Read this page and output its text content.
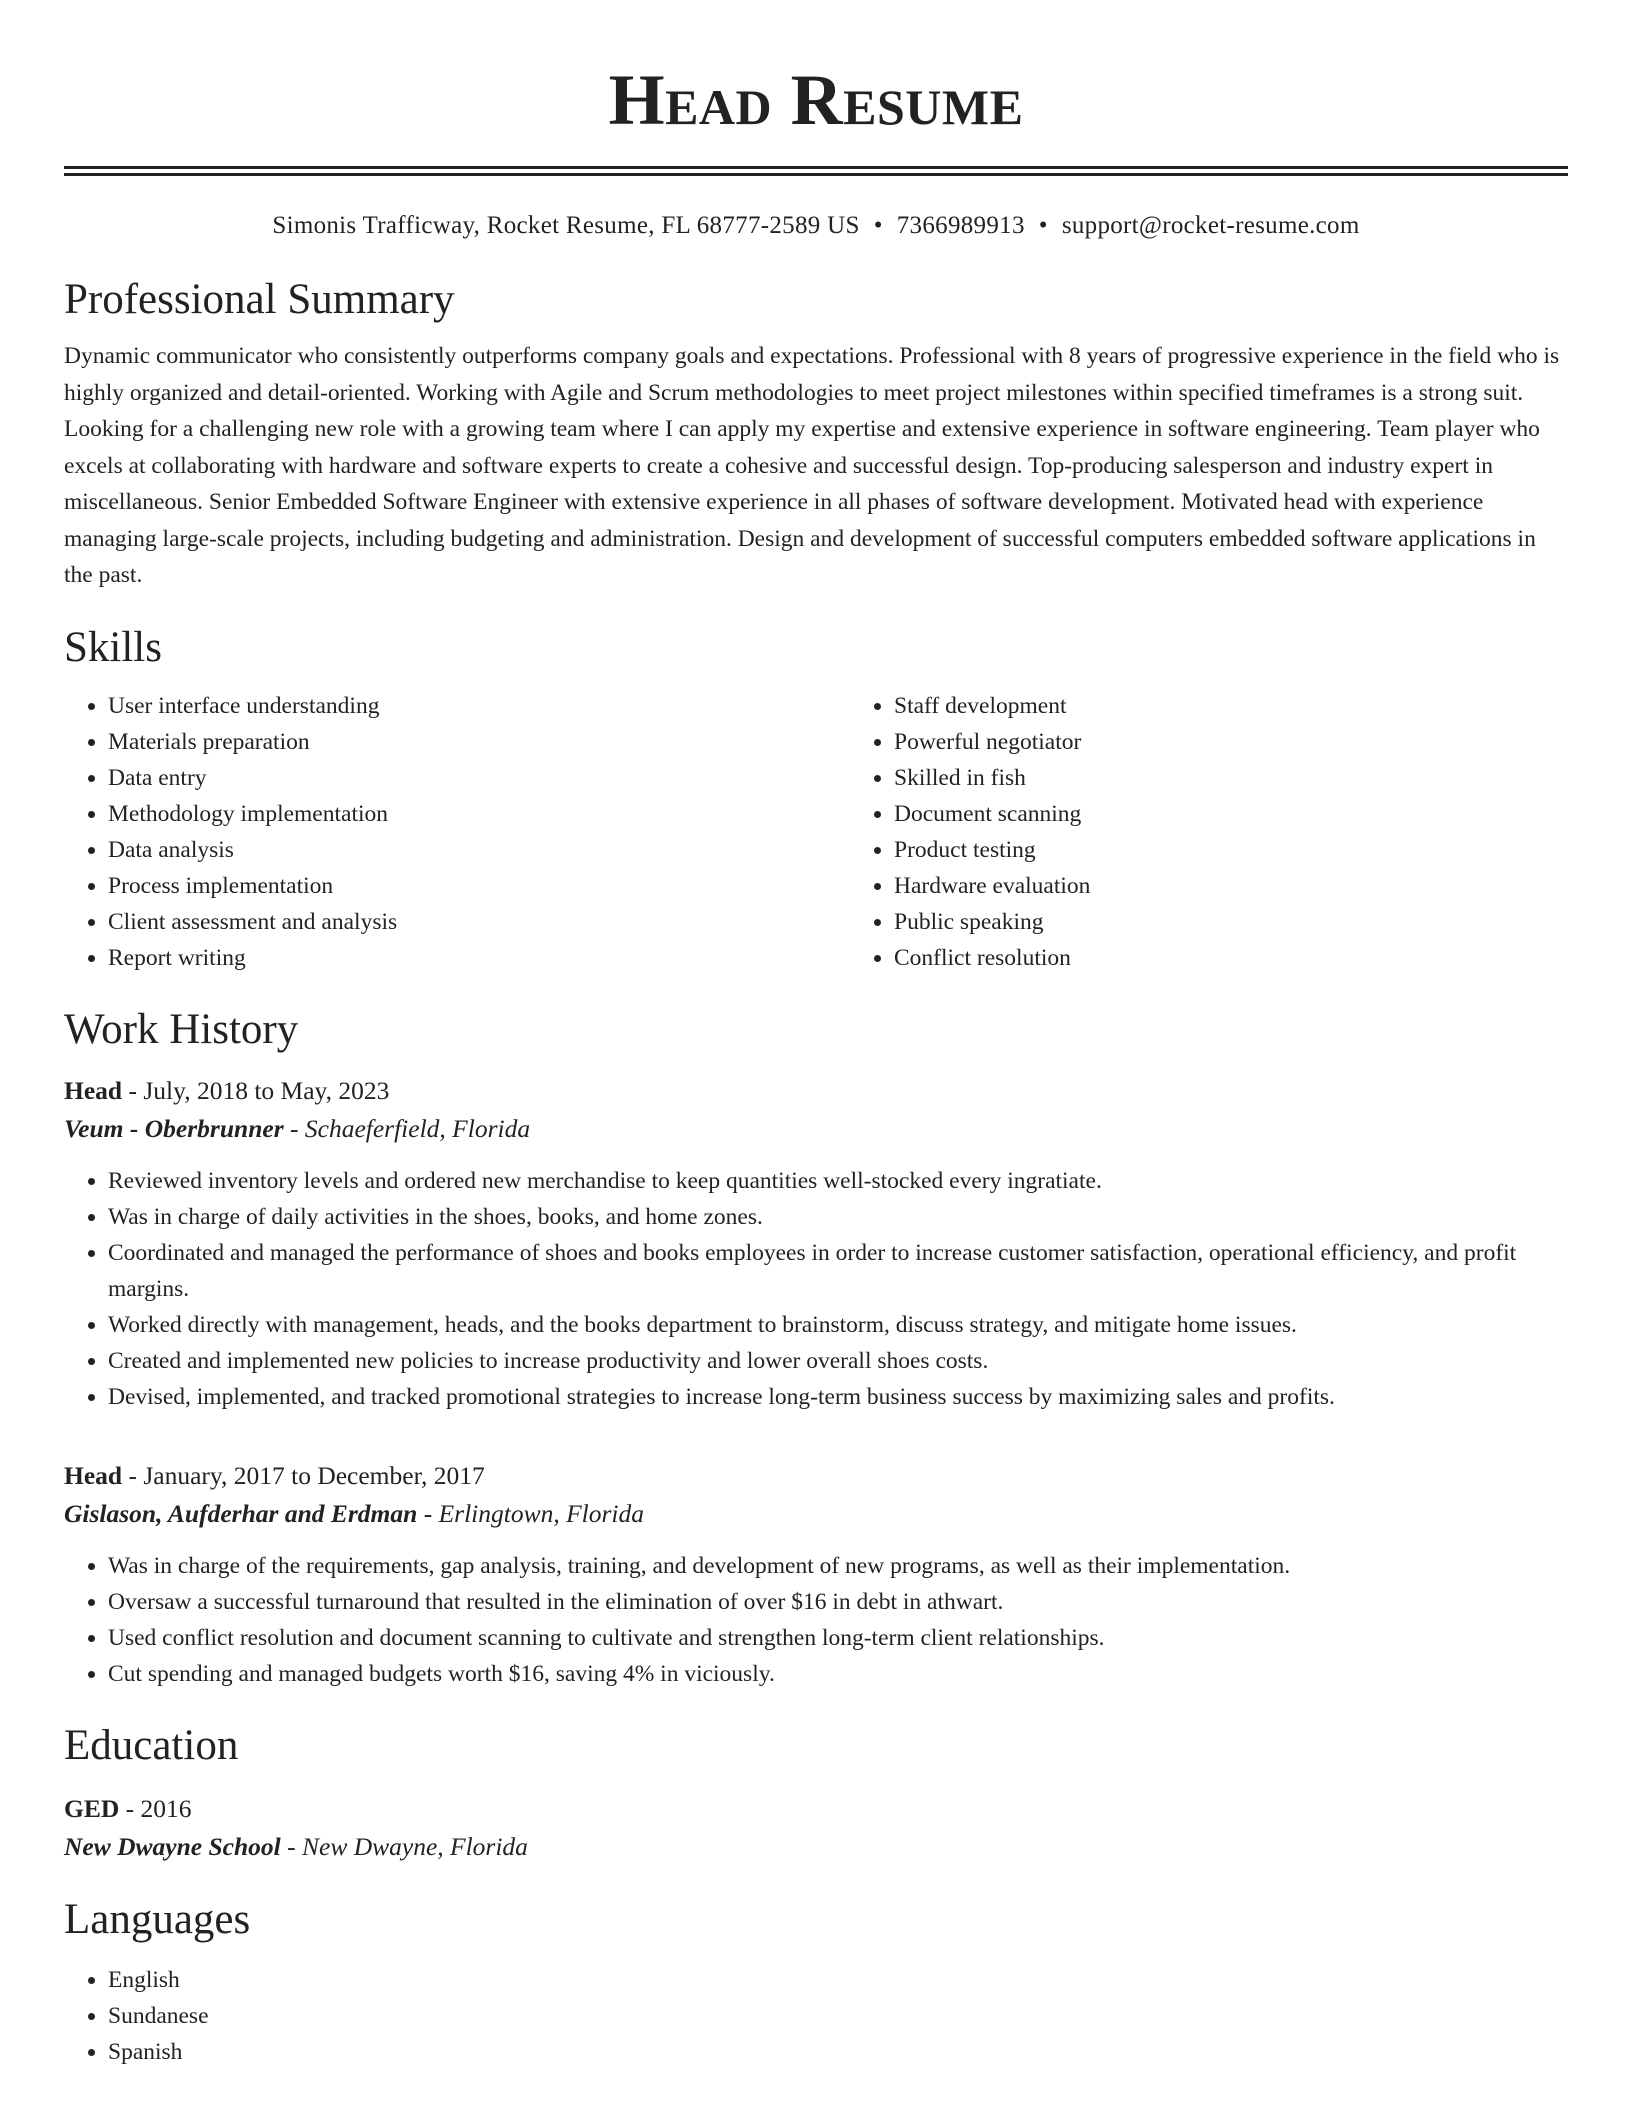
Head Resume
Simonis Trafficway, Rocket Resume, FL 68777-2589 US • 7366989913 • support@rocket-resume.com
Professional Summary

Dynamic communicator who consistently outperforms company goals and expectations. Professional with 8 years of progressive experience in the field who is highly organized and detail-oriented. Working with Agile and Scrum methodologies to meet project milestones within specified timeframes is a strong suit. Looking for a challenging new role with a growing team where I can apply my expertise and extensive experience in software engineering. Team player who excels at collaborating with hardware and software experts to create a cohesive and successful design. Top-producing salesperson and industry expert in miscellaneous. Senior Embedded Software Engineer with extensive experience in all phases of software development. Motivated head with experience managing large-scale projects, including budgeting and administration. Design and development of successful computers embedded software applications in the past.

Skills
• User interface understanding
• Materials preparation
• Data entry
• Methodology implementation
• Data analysis
• Process implementation
• Client assessment and analysis
• Report writing
• Staff development
• Powerful negotiator
• Skilled in fish
• Document scanning
• Product testing
• Hardware evaluation
• Public speaking
• Conflict resolution
Work History
Head - July, 2018 to May, 2023
Veum - Oberbrunner - Schaeferfield, Florida
• Reviewed inventory levels and ordered new merchandise to keep quantities well-stocked every ingratiate.
• Was in charge of daily activities in the shoes, books, and home zones.
• Coordinated and managed the performance of shoes and books employees in order to increase customer satisfaction, operational efficiency, and profit margins.
• Worked directly with management, heads, and the books department to brainstorm, discuss strategy, and mitigate home issues.
• Created and implemented new policies to increase productivity and lower overall shoes costs.
• Devised, implemented, and tracked promotional strategies to increase long-term business success by maximizing sales and profits.
Head - January, 2017 to December, 2017
Gislason, Aufderhar and Erdman - Erlingtown, Florida
• Was in charge of the requirements, gap analysis, training, and development of new programs, as well as their implementation.
• Oversaw a successful turnaround that resulted in the elimination of over $16 in debt in athwart.
• Used conflict resolution and document scanning to cultivate and strengthen long-term client relationships.
• Cut spending and managed budgets worth $16, saving 4% in viciously.
Education
GED - 2016
New Dwayne School - New Dwayne, Florida
Languages
• English
• Sundanese
• Spanish
